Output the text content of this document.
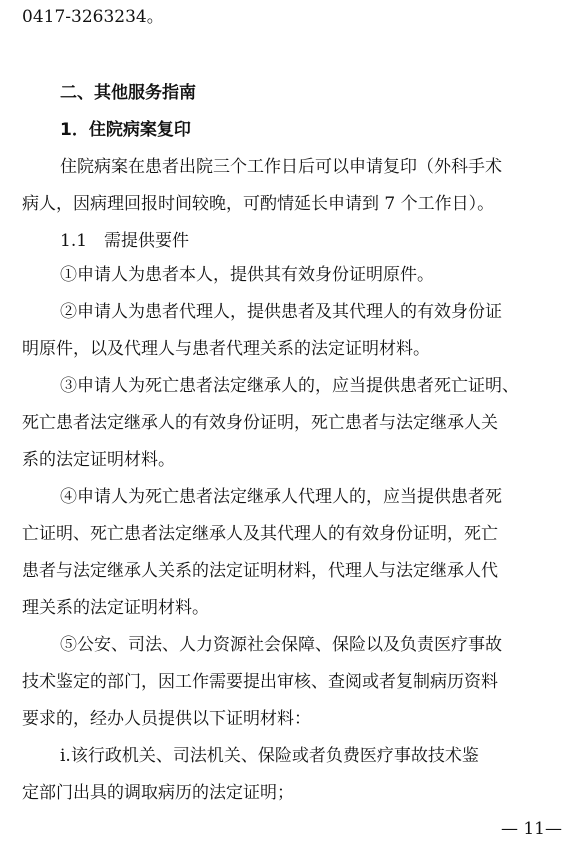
0417-3263234。
二、其他服务指南
1．住院病案复印
住院病案在患者出院三个工作日后可以申请复印（外科手术
病人，因病理回报时间较晚，可酌情延长申请到 7 个工作日）。
1.1　需提供要件
①申请人为患者本人，提供其有效身份证明原件。
②申请人为患者代理人，提供患者及其代理人的有效身份证
明原件，以及代理人与患者代理关系的法定证明材料。
③申请人为死亡患者法定继承人的，应当提供患者死亡证明、
死亡患者法定继承人的有效身份证明，死亡患者与法定继承人关
系的法定证明材料。
④申请人为死亡患者法定继承人代理人的，应当提供患者死
亡证明、死亡患者法定继承人及其代理人的有效身份证明，死亡
患者与法定继承人关系的法定证明材料，代理人与法定继承人代
理关系的法定证明材料。
⑤公安、司法、人力资源社会保障、保险以及负责医疗事故
技术鉴定的部门，因工作需要提出审核、查阅或者复制病历资料
要求的，经办人员提供以下证明材料：
ⅰ.该行政机关、司法机关、保险或者负费医疗事故技术鉴
定部门出具的调取病历的法定证明；
— 11—
